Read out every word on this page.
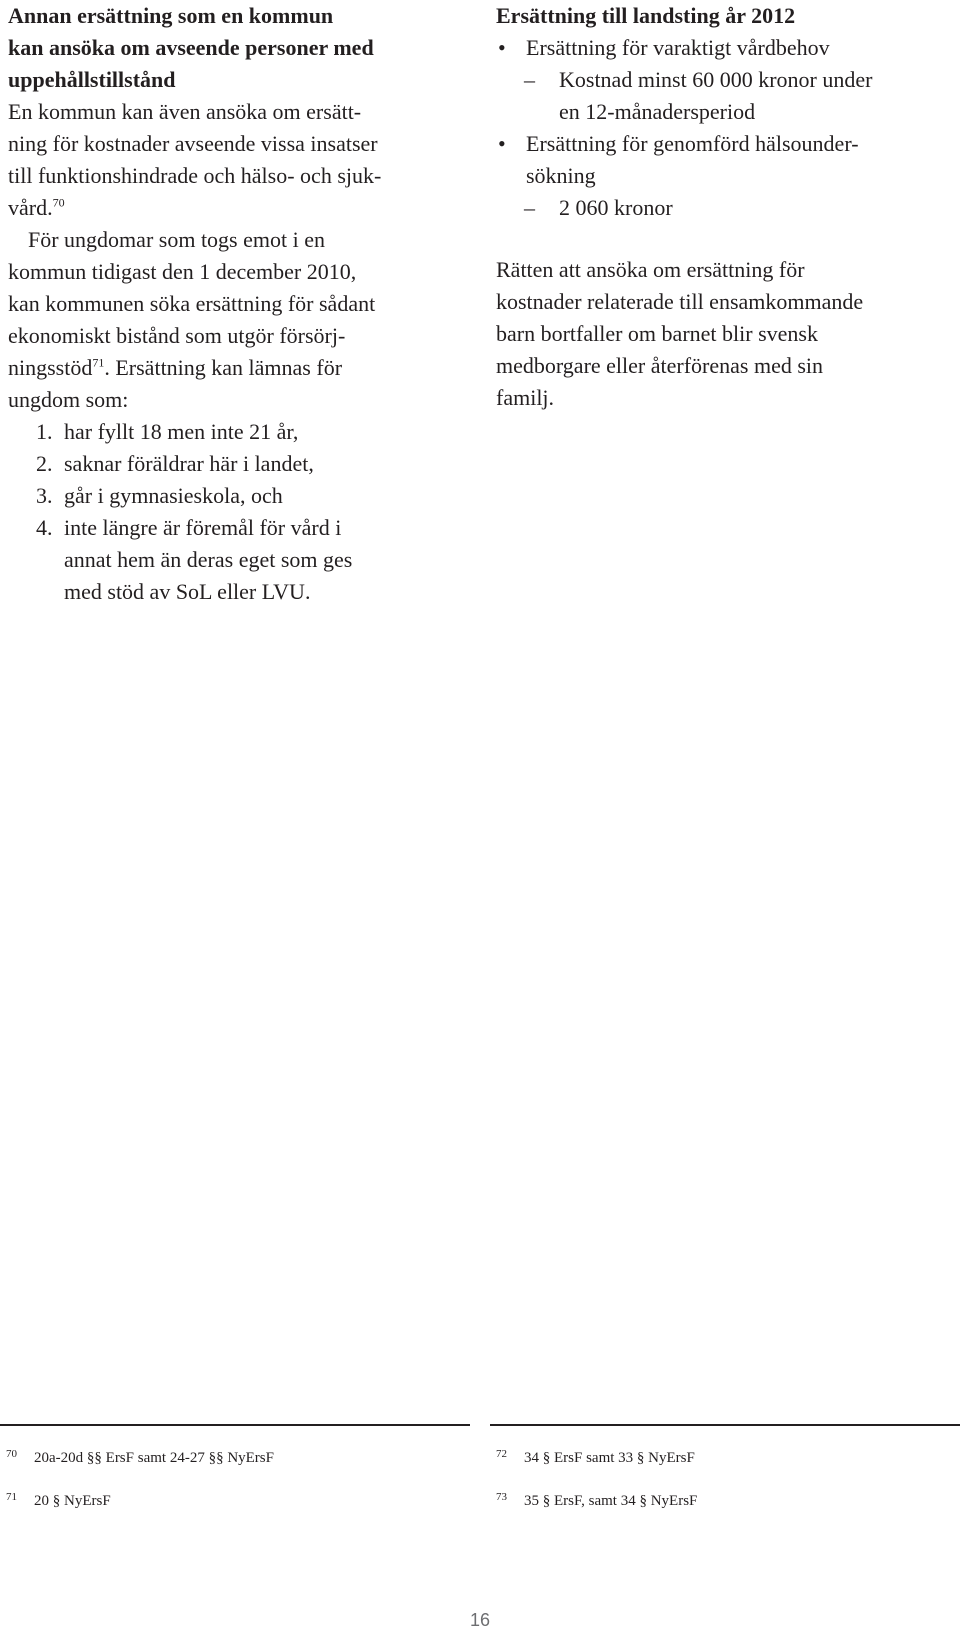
Annan ersättning som en kommun

kan ansöka om avseende personer med

uppehållstillstånd

En kommun kan även ansöka om ersätt-

ning för kostnader avseende vissa insatser

till funktionshindrade och hälso- och sjuk-

vård.$^{70}$

För ungdomar som togs emot i en

kommun tidigast den 1 december 2010,

kan kommunen söka ersättning för sådant

ekonomiskt bistånd som utgör försörj-

ningsstöd$^{71}$. Ersättning kan lämnas för

ungdom som:

1. har fyllt 18 men inte 21 år,

2. saknar föräldrar här i landet,

3. går i gymnasieskola, och

4. inte längre är föremål för vård i

annat hem än deras eget som ges

med stöd av SoL eller LVU.

Ersättning till landsting år 2012

• Ersättning för varaktigt vårdbehov

– Kostnad minst 60 000 kronor under

en 12-månadersperiod

• Ersättning för genomförd hälsounder-

sökning

– 2 060 kronor

Rätten att ansöka om ersättning för

kostnader relaterade till ensamkommande

barn bortfaller om barnet blir svensk

medborgare eller återförenas med sin

familj.

70 20a-20d §§ ErsF samt 24-27 §§ NyErsF
71 20 § NyErsF
72 34 § ErsF samt 33 § NyErsF
73 35 § ErsF, samt 34 § NyErsF
16
